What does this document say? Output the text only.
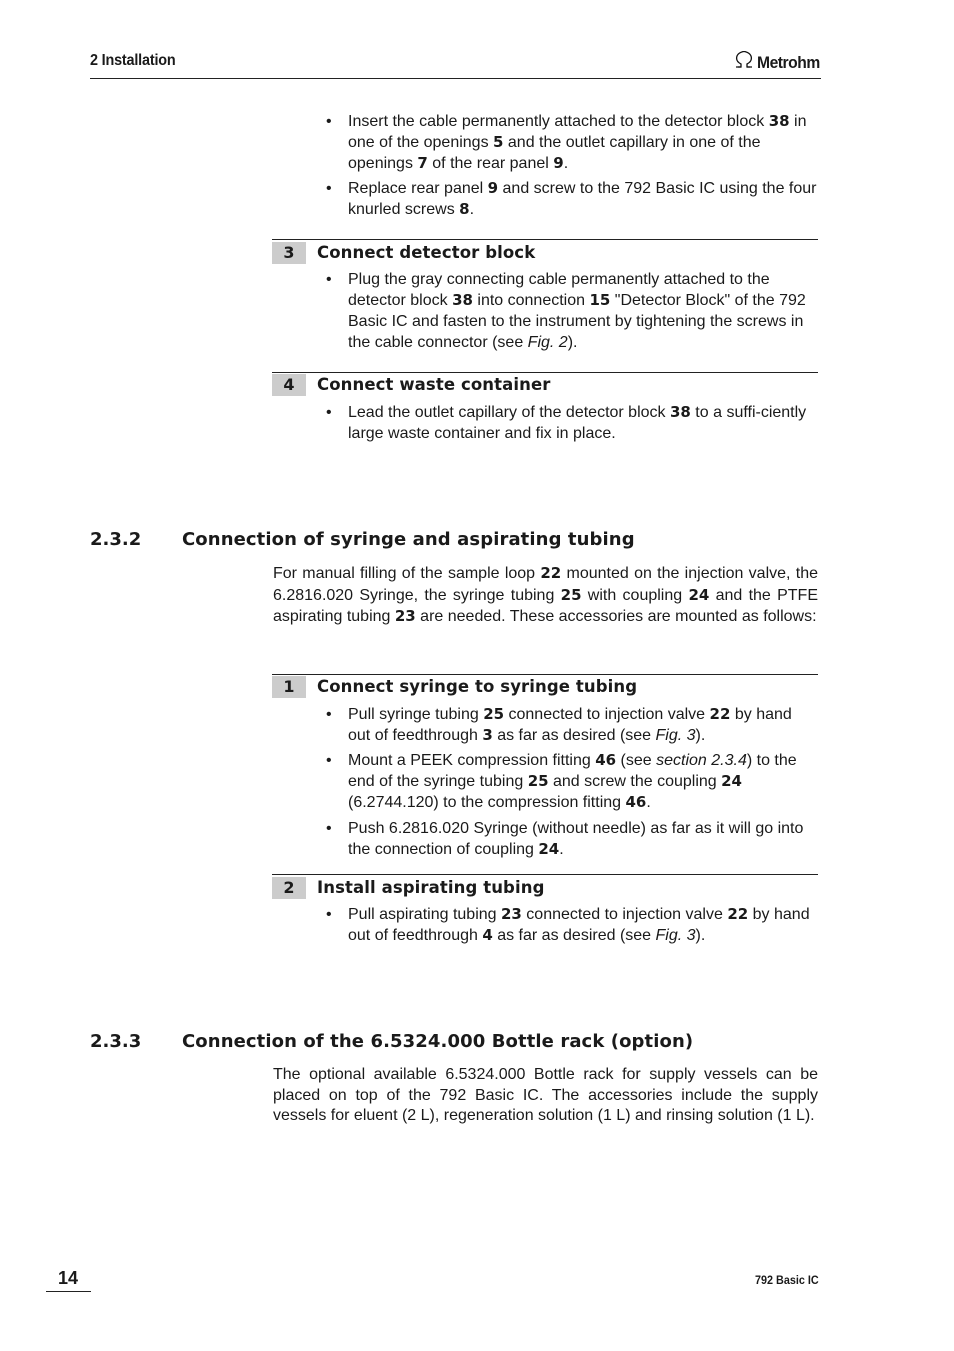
2 Installation	Metrohm
• Insert the cable permanently attached to the detector block 38 in one of the openings 5 and the outlet capillary in one of the openings 7 of the rear panel 9.
• Replace rear panel 9 and screw to the 792 Basic IC using the four knurled screws 8.
3	Connect detector block
• Plug the gray connecting cable permanently attached to the detector block 38 into connection 15 "Detector Block" of the 792 Basic IC and fasten to the instrument by tightening the screws in the cable connector (see Fig. 2).
4	Connect waste container
• Lead the outlet capillary of the detector block 38 to a suffi-ciently large waste container and fix in place.
2.3.2 Connection of syringe and aspirating tubing
For manual filling of the sample loop 22 mounted on the injection valve, the 6.2816.020 Syringe, the syringe tubing 25 with coupling 24 and the PTFE aspirating tubing 23 are needed. These accessories are mounted as follows:
1	Connect syringe to syringe tubing
• Pull syringe tubing 25 connected to injection valve 22 by hand out of feedthrough 3 as far as desired (see Fig. 3).
• Mount a PEEK compression fitting 46 (see section 2.3.4) to the end of the syringe tubing 25 and screw the coupling 24 (6.2744.120) to the compression fitting 46.
• Push 6.2816.020 Syringe (without needle) as far as it will go into the connection of coupling 24.
2	Install aspirating tubing
• Pull aspirating tubing 23 connected to injection valve 22 by hand out of feedthrough 4 as far as desired (see Fig. 3).
2.3.3 Connection of the 6.5324.000 Bottle rack (option)
The optional available 6.5324.000 Bottle rack for supply vessels can be placed on top of the 792 Basic IC. The accessories include the supply vessels for eluent (2 L), regeneration solution (1 L) and rinsing solution (1 L).
14	792 Basic IC
